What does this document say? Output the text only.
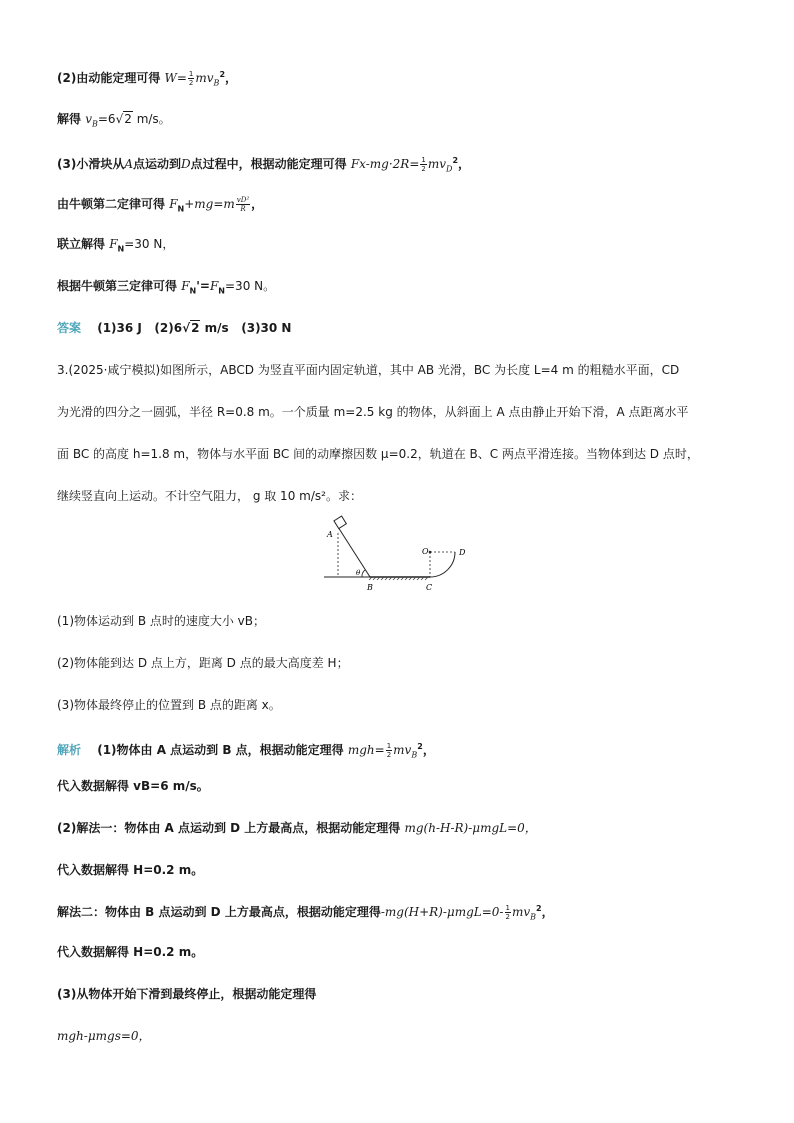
(2)由动能定理可得 $W= \frac{1}{2} mv_B^2$，
解得 $v_B=6√2$ m/s。
(3)小滑块从A点运动到D点过程中，根据动能定理可得 $Fx-mg\cdot 2R= \frac{1}{2} mv_D^2$，
由牛顿第二定律可得 $F_N+mg=m \frac{\text{vD²}}{R}$ ，
联立解得 $F_N=30$ N，
根据牛顿第三定律可得 $F_N'=F_N=30$ N。
答案 (1)36 J (2)6√2 m/s (3)30 N
3.(2025·咸宁模拟)如图所示，ABCD 为竖直平面内固定轨道，其中 AB 光滑，BC 为长度 L=4 m 的粗糙水平面，CD
为光滑的四分之一圆弧，半径 R=0.8 m。一个质量 m=2.5 kg 的物体，从斜面上 A 点由静止开始下滑，A 点距离水平
面 BC 的高度 h=1.8 m，物体与水平面 BC 间的动摩擦因数 μ=0.2，轨道在 B、C 两点平滑连接。当物体到达 D 点时，
继续竖直向上运动。不计空气阻力， g 取 10 m/s²。求：
A
B	C
D
O
θ
(1)物体运动到 B 点时的速度大小 vB；
(2)物体能到达 D 点上方，距离 D 点的最大高度差 H；
(3)物体最终停止的位置到 B 点的距离 x。
解析 (1)物体由 A 点运动到 B 点，根据动能定理得 $mgh= \frac{1}{2} mv_B^2$，
代入数据解得 vB=6 m/s。
(2)解法一：物体由 A 点运动到 D 上方最高点，根据动能定理得 mg(h-H-R)-μmgL=0，
代入数据解得 H=0.2 m。
解法二：物体由 B 点运动到 D 上方最高点，根据动能定理得$-mg(H+R)-\mu mgL=0- \frac{1}{2} mv_B^2$，
代入数据解得 H=0.2 m。
(3)从物体开始下滑到最终停止，根据动能定理得
mgh-μmgs=0，
